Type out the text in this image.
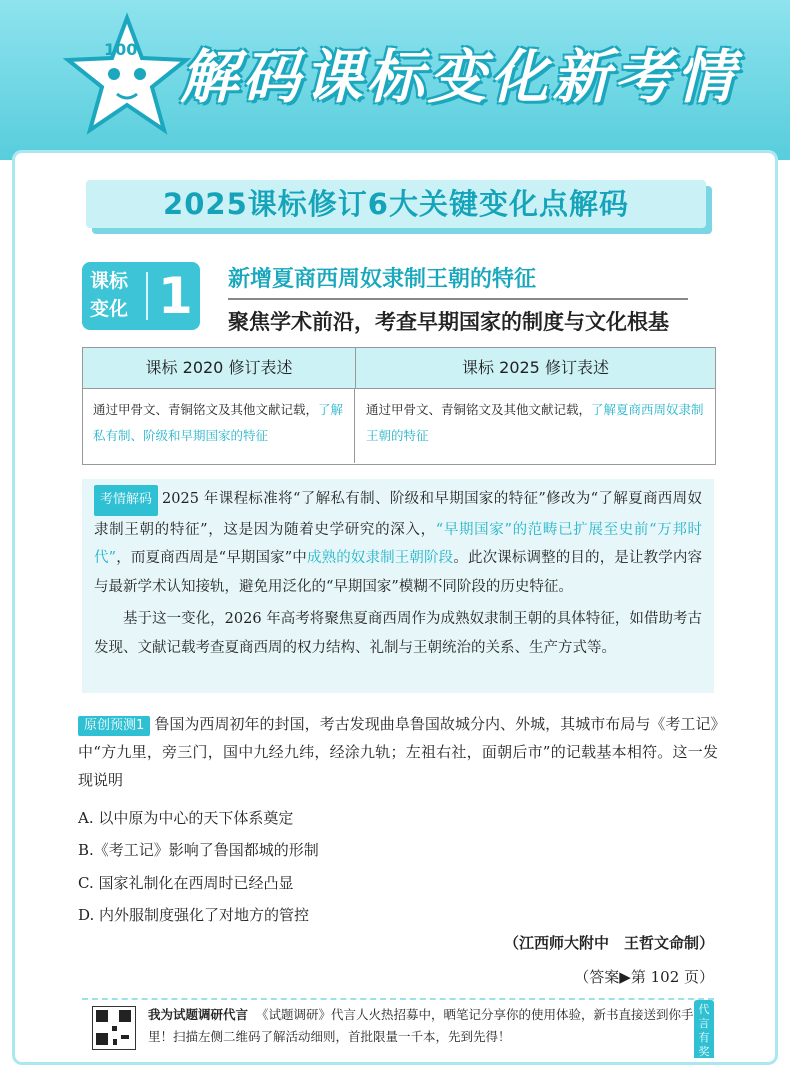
100 解码课标变化新考情
2025课标修订6大关键变化点解码
课标
变化 1 新增夏商西周奴隶制王朝的特征
聚焦学术前沿，考查早期国家的制度与文化根基
课标 2020 修订表述	课标 2025 修订表述
通过甲骨文、青铜铭文及其他文献记载，了解私有制、阶级和早期国家的特征
通过甲骨文、青铜铭文及其他文献记载，了解夏商西周奴隶制王朝的特征

考情解码 2025 年课程标准将“了解私有制、阶级和早期国家的特征”修改为“了解夏商西周奴隶制王朝的特征”，这是因为随着史学研究的深入，“早期国家”的范畴已扩展至史前“万邦时代”，而夏商西周是“早期国家”中成熟的奴隶制王朝阶段。此次课标调整的目的，是让教学内容与最新学术认知接轨，避免用泛化的“早期国家”模糊不同阶段的历史特征。

基于这一变化，2026 年高考将聚焦夏商西周作为成熟奴隶制王朝的具体特征，如借助考古发现、文献记载考查夏商西周的权力结构、礼制与王朝统治的关系、生产方式等。

原创预测1 鲁国为西周初年的封国，考古发现曲阜鲁国故城分内、外城，其城市布局与《考工记》中“方九里，旁三门，国中九经九纬，经涂九轨；左祖右社，面朝后市”的记载基本相符。这一发现说明
A. 以中原为中心的天下体系奠定
B.《考工记》影响了鲁国都城的形制
C. 国家礼制化在西周时已经凸显
D. 内外服制度强化了对地方的管控
（江西师大附中　王哲文命制）
（答案▶第 102 页）
我为试题调研代言 《试题调研》代言人火热招募中，晒笔记分享你的使用体验，新书直接送到你手里！扫描左侧二维码了解活动细则，首批限量一千本，先到先得！
代言有奖
